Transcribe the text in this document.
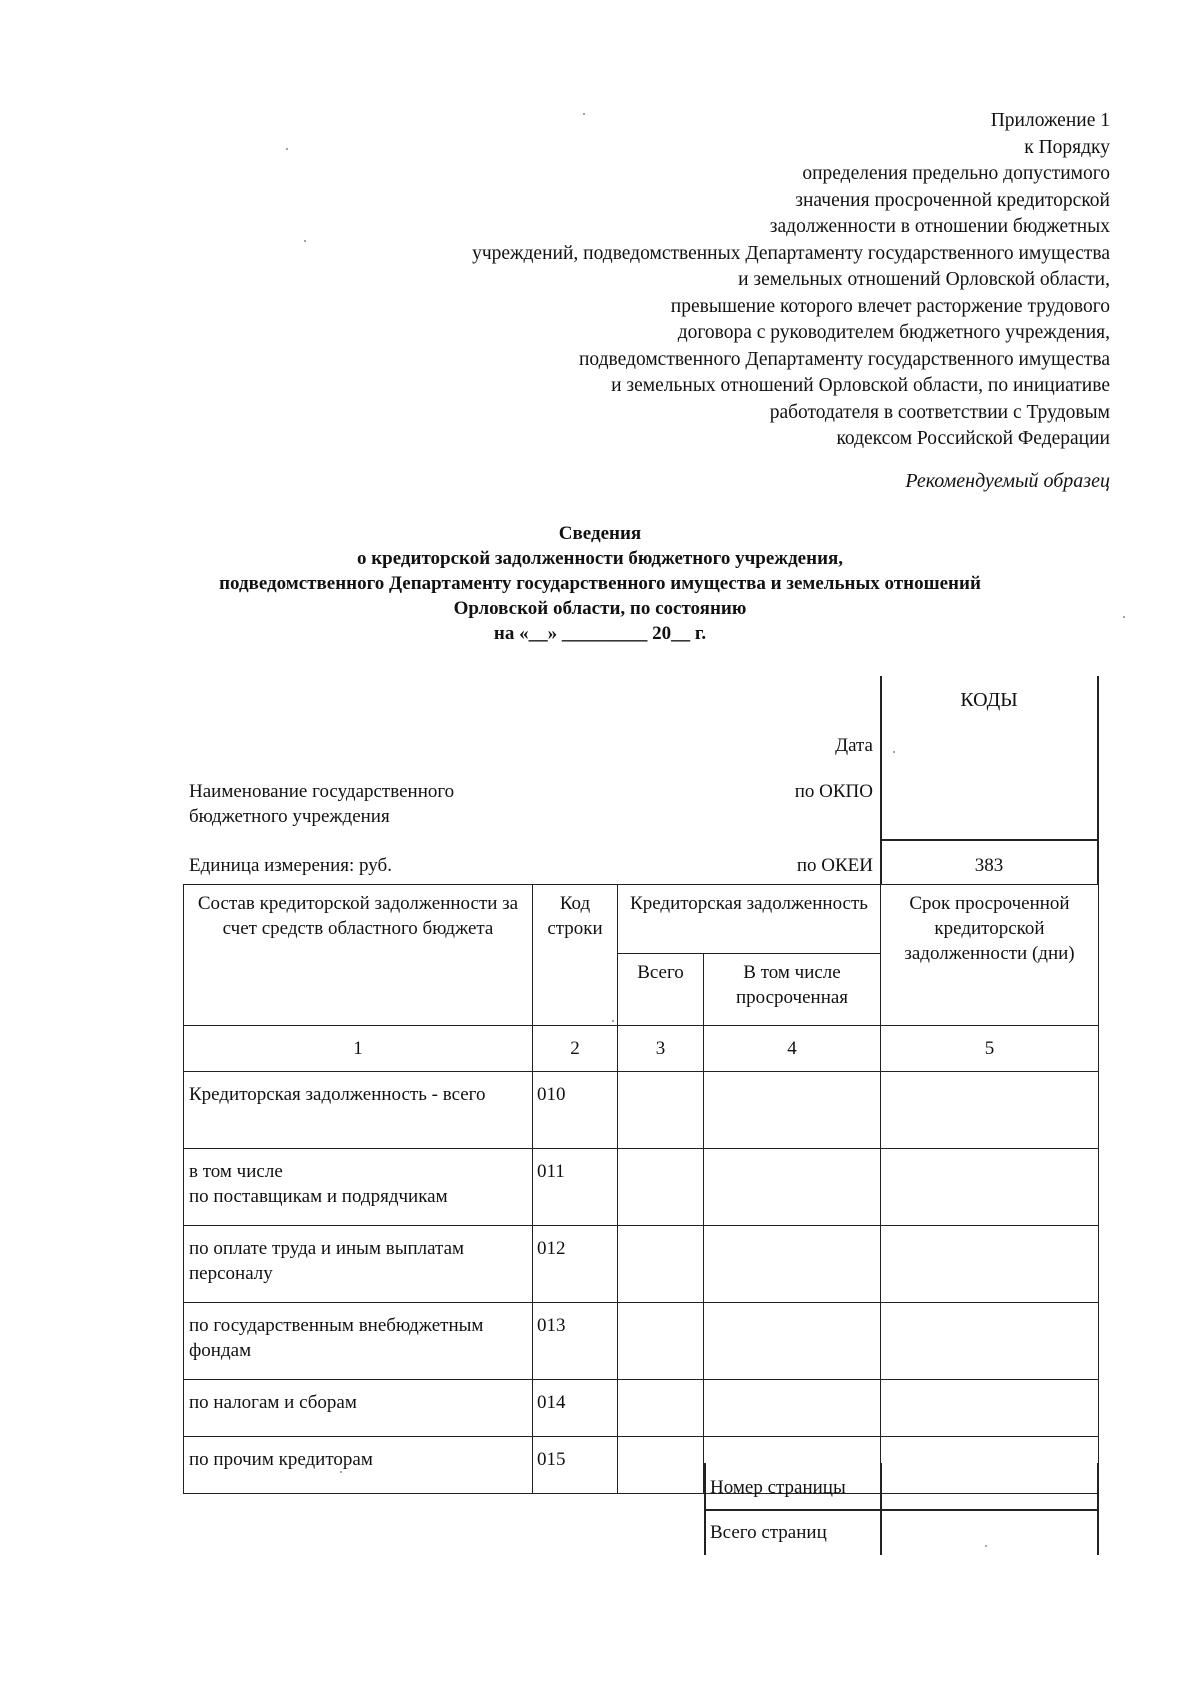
Приложение 1
к Порядку
определения предельно допустимого
значения просроченной кредиторской
задолженности в отношении бюджетных
учреждений, подведомственных Департаменту государственного имущества
и земельных отношений Орловской области,
превышение которого влечет расторжение трудового
договора с руководителем бюджетного учреждения,
подведомственного Департаменту государственного имущества
и земельных отношений Орловской области, по инициативе
работодателя в соответствии с Трудовым
кодексом Российской Федерации
Рекомендуемый образец
Сведения
о кредиторской задолженности бюджетного учреждения,
подведомственного Департаменту государственного имущества и земельных отношений
Орловской области, по состоянию
на «__» _________ 20__ г.
КОДЫ
Дата
Наименование государственного
бюджетного учреждения
по ОКПО
Единица измерения: руб.	по ОКЕИ	383
Состав кредиторской задолженности за счет средств областного бюджета	Код строки	Кредиторская задолженность		Срок просроченной кредиторской задолженности (дни)
		Всего	В том числе просроченная	
1	2	3	4	5
Кредиторская задолженность - всего	010			
в том числе
по поставщикам и подрядчикам	011			
по оплате труда и иным выплатам персоналу	012			
по государственным внебюджетным фондам	013			
по налогам и сборам	014			
по прочим кредиторам	015			
Номер страницы
Всего страниц
